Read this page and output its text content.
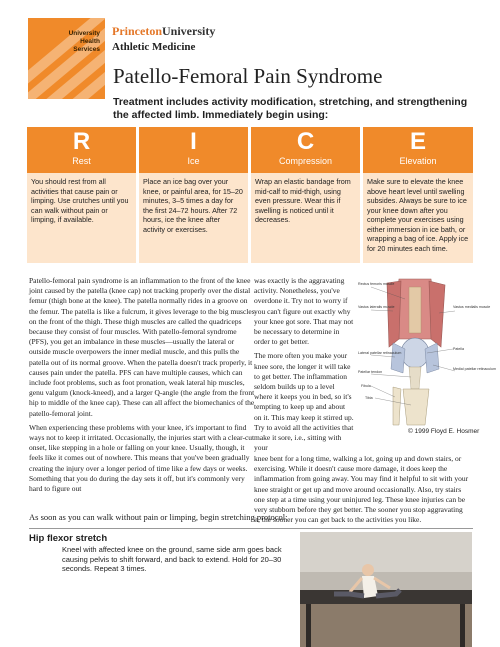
University
Health
Services
PrincetonUniversity
Athletic Medicine
Patello-Femoral Pain Syndrome
Treatment includes activity modification, stretching, and strengthening the affected limb. Immediately begin using:
R
Rest
You should rest from all activities that cause pain or limping. Use crutches until you can walk without pain or limping, if available.
I
Ice
Place an ice bag over your knee, or painful area, for 15–20 minutes, 3–5 times a day for the first 24–72 hours. After 72 hours, ice the knee after activity or exercises.
C
Compression
Wrap an elastic bandage from mid-calf to mid-thigh, using even pressure. Wear this if swelling is noticed until it decreases.
E
Elevation
Make sure to elevate the knee above heart level until swelling subsides. Always be sure to ice your knee down after you complete your exercises using either immersion in ice bath, or wrapping a bag of ice. Apply ice for 20 minutes each time.

Patello-femoral pain syndrome is an inflammation to the front of the knee joint caused by the patella (knee cap) not tracking properly over the distal femur (thigh bone at the knee). The patella normally rides in a groove on the femur. The patella is like a fulcrum, it gives leverage to the big muscles on the front of the thigh. These thigh muscles are called the quadriceps because they consist of four muscles. With patello-femoral syndrome (PFS), you get an imbalance in these muscles—usually the lateral or outside muscle overpowers the inner medial muscle, and this pulls the patella out of its normal groove. When the patella doesn't track properly, it causes pain under the patella. PFS can have multiple causes, which can include foot problems, such as foot pronation, weak lateral hip muscles, genu valgum (knock-kneed), and a larger Q-angle (the angle from the front hip to middle of the knee cap). These can all affect the biomechanics of the patello-femoral joint.

When experiencing these problems with your knee, it's important to find ways not to keep it irritated. Occasionally, the injuries start with a clear-cut onset, like stepping in a hole or falling on your knee. Usually, though, it feels like it comes out of nowhere. This means that you've been gradually creating the injury over a longer period of time like a few days or weeks. Something that you do during the day sets it off, but it's commonly very hard to figure out

was exactly is the aggravating activity. Nonetheless, you've overdone it. Try not to worry if you can't figure out exactly why your knee got sore. That may not be necessary to determine in order to get better.

The more often you make your knee sore, the longer it will take to get better. The inflammation seldom builds up to a level where it keeps you in bed, so it's tempting to keep up and about on it. This may keep it stirred up. Try to avoid all the activities that make it sore, i.e., sitting with your

knee bent for a long time, walking a lot, going up and down stairs, or exercising. While it doesn't cause more damage, it does keep the inflammation from going away. You may find it helpful to sit with your knee straight or get up and move around occasionally. Also, try stairs one step at a time using your uninjured leg. These knee injuries can be very stubborn before they get better. The sooner you stop aggravating it, the sooner you can get back to the activities you like.
Rectus femoris muscle
Vastus lateralis muscle	Vastus medialis muscle
Lateral patellar retinaculum
Patella
Patellar tendon
Medial patellar retinaculum
Fibula
Tibia
© 1999 Floyd E. Hosmer
As soon as you can walk without pain or limping, begin stretching protocol:
Hip flexor stretch
Kneel with affected knee on the ground, same side arm goes back causing pelvis to shift forward, and back to extend. Hold for 20–30 seconds. Repeat 3 times.
